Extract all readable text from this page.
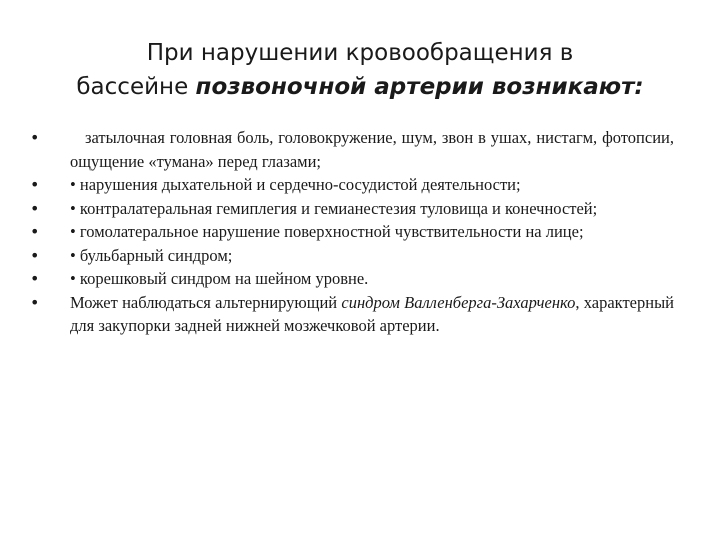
При нарушении кровообращения в
бассейне позвоночной артерии возникают:
•	затылочная головная боль, головокружение, шум, звон в ушах, нистагм, фотопсии, ощущение «тумана» перед глазами;
• • нарушения дыхательной и сердечно-сосудистой деятельности;
• • контралатеральная гемиплегия и гемианестезия туловища и конечностей;
• • гомолатеральное нарушение поверхностной чувствительности на лице;
• • бульбарный синдром;
• • корешковый синдром на шейном уровне.
• Может наблюдаться альтернирующий синдром Валленберга-Захарченко, характерный для закупорки задней нижней мозжечковой артерии.
